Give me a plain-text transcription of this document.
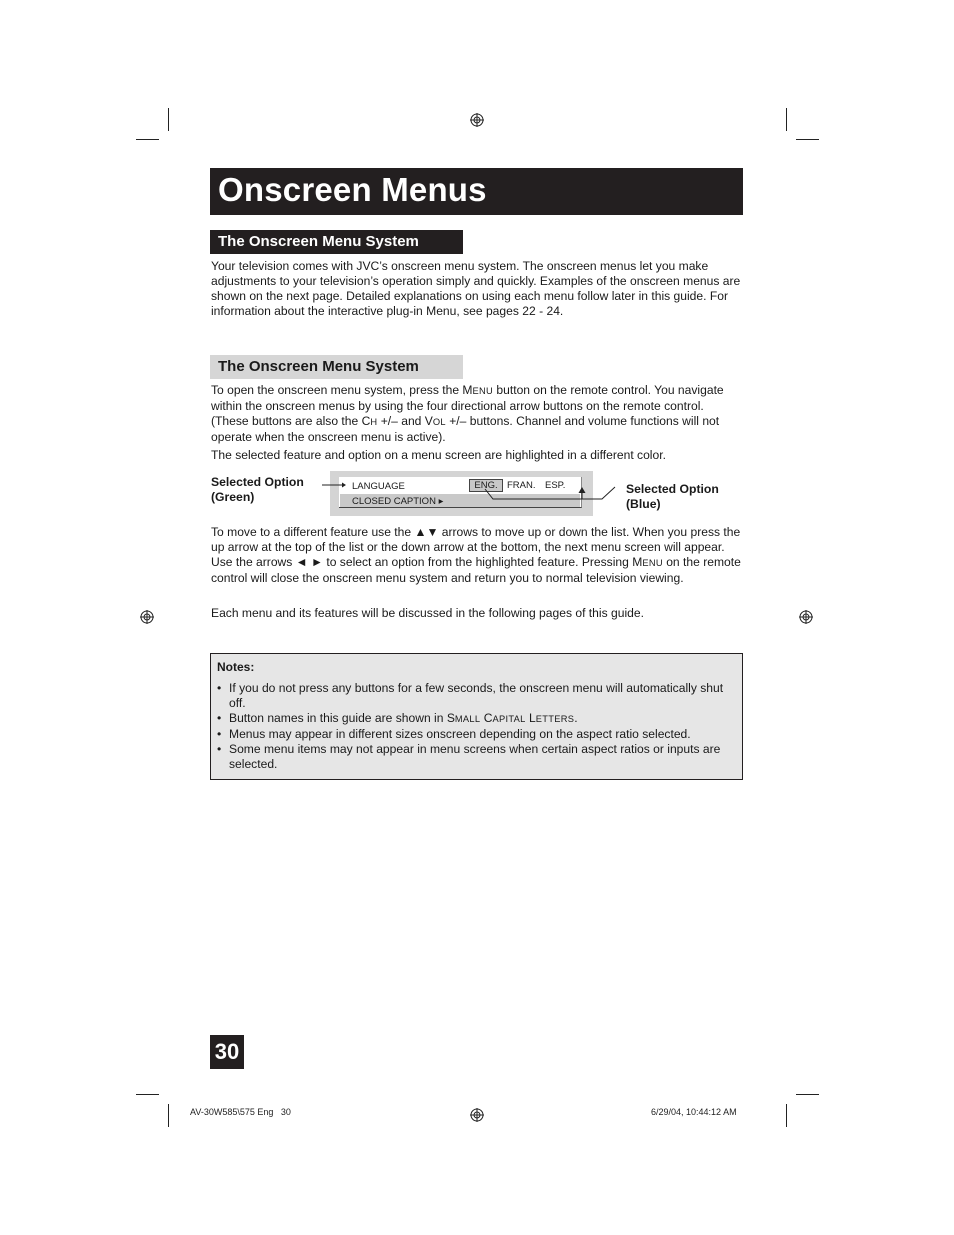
Onscreen Menus
The Onscreen Menu System

Your television comes with JVC’s onscreen menu system. The onscreen menus let you make adjustments to your television’s operation simply and quickly. Examples of the onscreen menus are shown on the next page. Detailed explanations on using each menu follow later in this guide. For information about the interactive plug-in Menu, see pages 22 - 24.

The Onscreen Menu System

To open the onscreen menu system, press the MENU button on the remote control. You navigate within the onscreen menus by using the four directional arrow buttons on the remote control. (These buttons are also the CH +/– and VOL +/– buttons. Channel and volume functions will not operate when the onscreen menu is active).

The selected feature and option on a menu screen are highlighted in a different color.

Selected Option
(Green)
Selected Option
(Blue)
LANGUAGE
CLOSED CAPTION ▸
ENG. FRAN. ESP.

To move to a different feature use the ▲▼ arrows to move up or down the list. When you press the up arrow at the top of the list or the down arrow at the bottom, the next menu screen will appear. Use the arrows ◄ ► to select an option from the highlighted feature. Pressing MENU on the remote control will close the onscreen menu system and return you to normal television viewing.

Each menu and its features will be discussed in the following pages of this guide.

Notes:
• If you do not press any buttons for a few seconds, the onscreen menu will automatically shut off.
• Button names in this guide are shown in SMALL CAPITAL LETTERS.
• Menus may appear in different sizes onscreen depending on the aspect ratio selected.
• Some menu items may not appear in menu screens when certain aspect ratios or inputs are selected.
30
AV-30W585\575 Eng   30	6/29/04, 10:44:12 AM
